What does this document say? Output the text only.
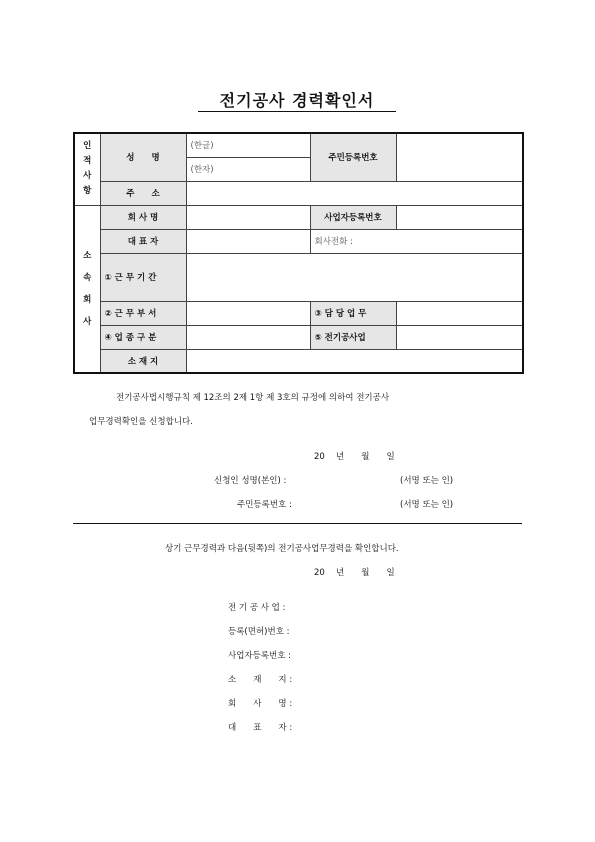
전기공사 경력확인서
인
적
사
항	성　　명	(한글)	주민등록번호	
		(한자)		
	주　　소			

소
속
회
사	회 사 명		사업자등록번호	
	대 표 자		회사전화 :	
	① 근 무 기 간			
	② 근 무 부 서		③ 담 당 업 무	
	④ 업 종 구 분		⑤ 전기공사업	
	소 재 지			
전기공사법시행규칙 제 12조의 2제 1항 제 3호의 규정에 의하여 전기공사
업무경력확인을 신청합니다.
20　 년　　월　　일
신청인 성명(본인) :	(서명 또는 인)
주민등록번호 :	(서명 또는 인)
상기 근무경력과 다음(뒷쪽)의 전기공사업무경력을 확인합니다.
20　 년　　월　　일
전 기 공 사 업 :
등록(면허)번호 :
사업자등록번호 :
소　　재　　지 :
회　　사　　명 :
대　　표　　자 :
